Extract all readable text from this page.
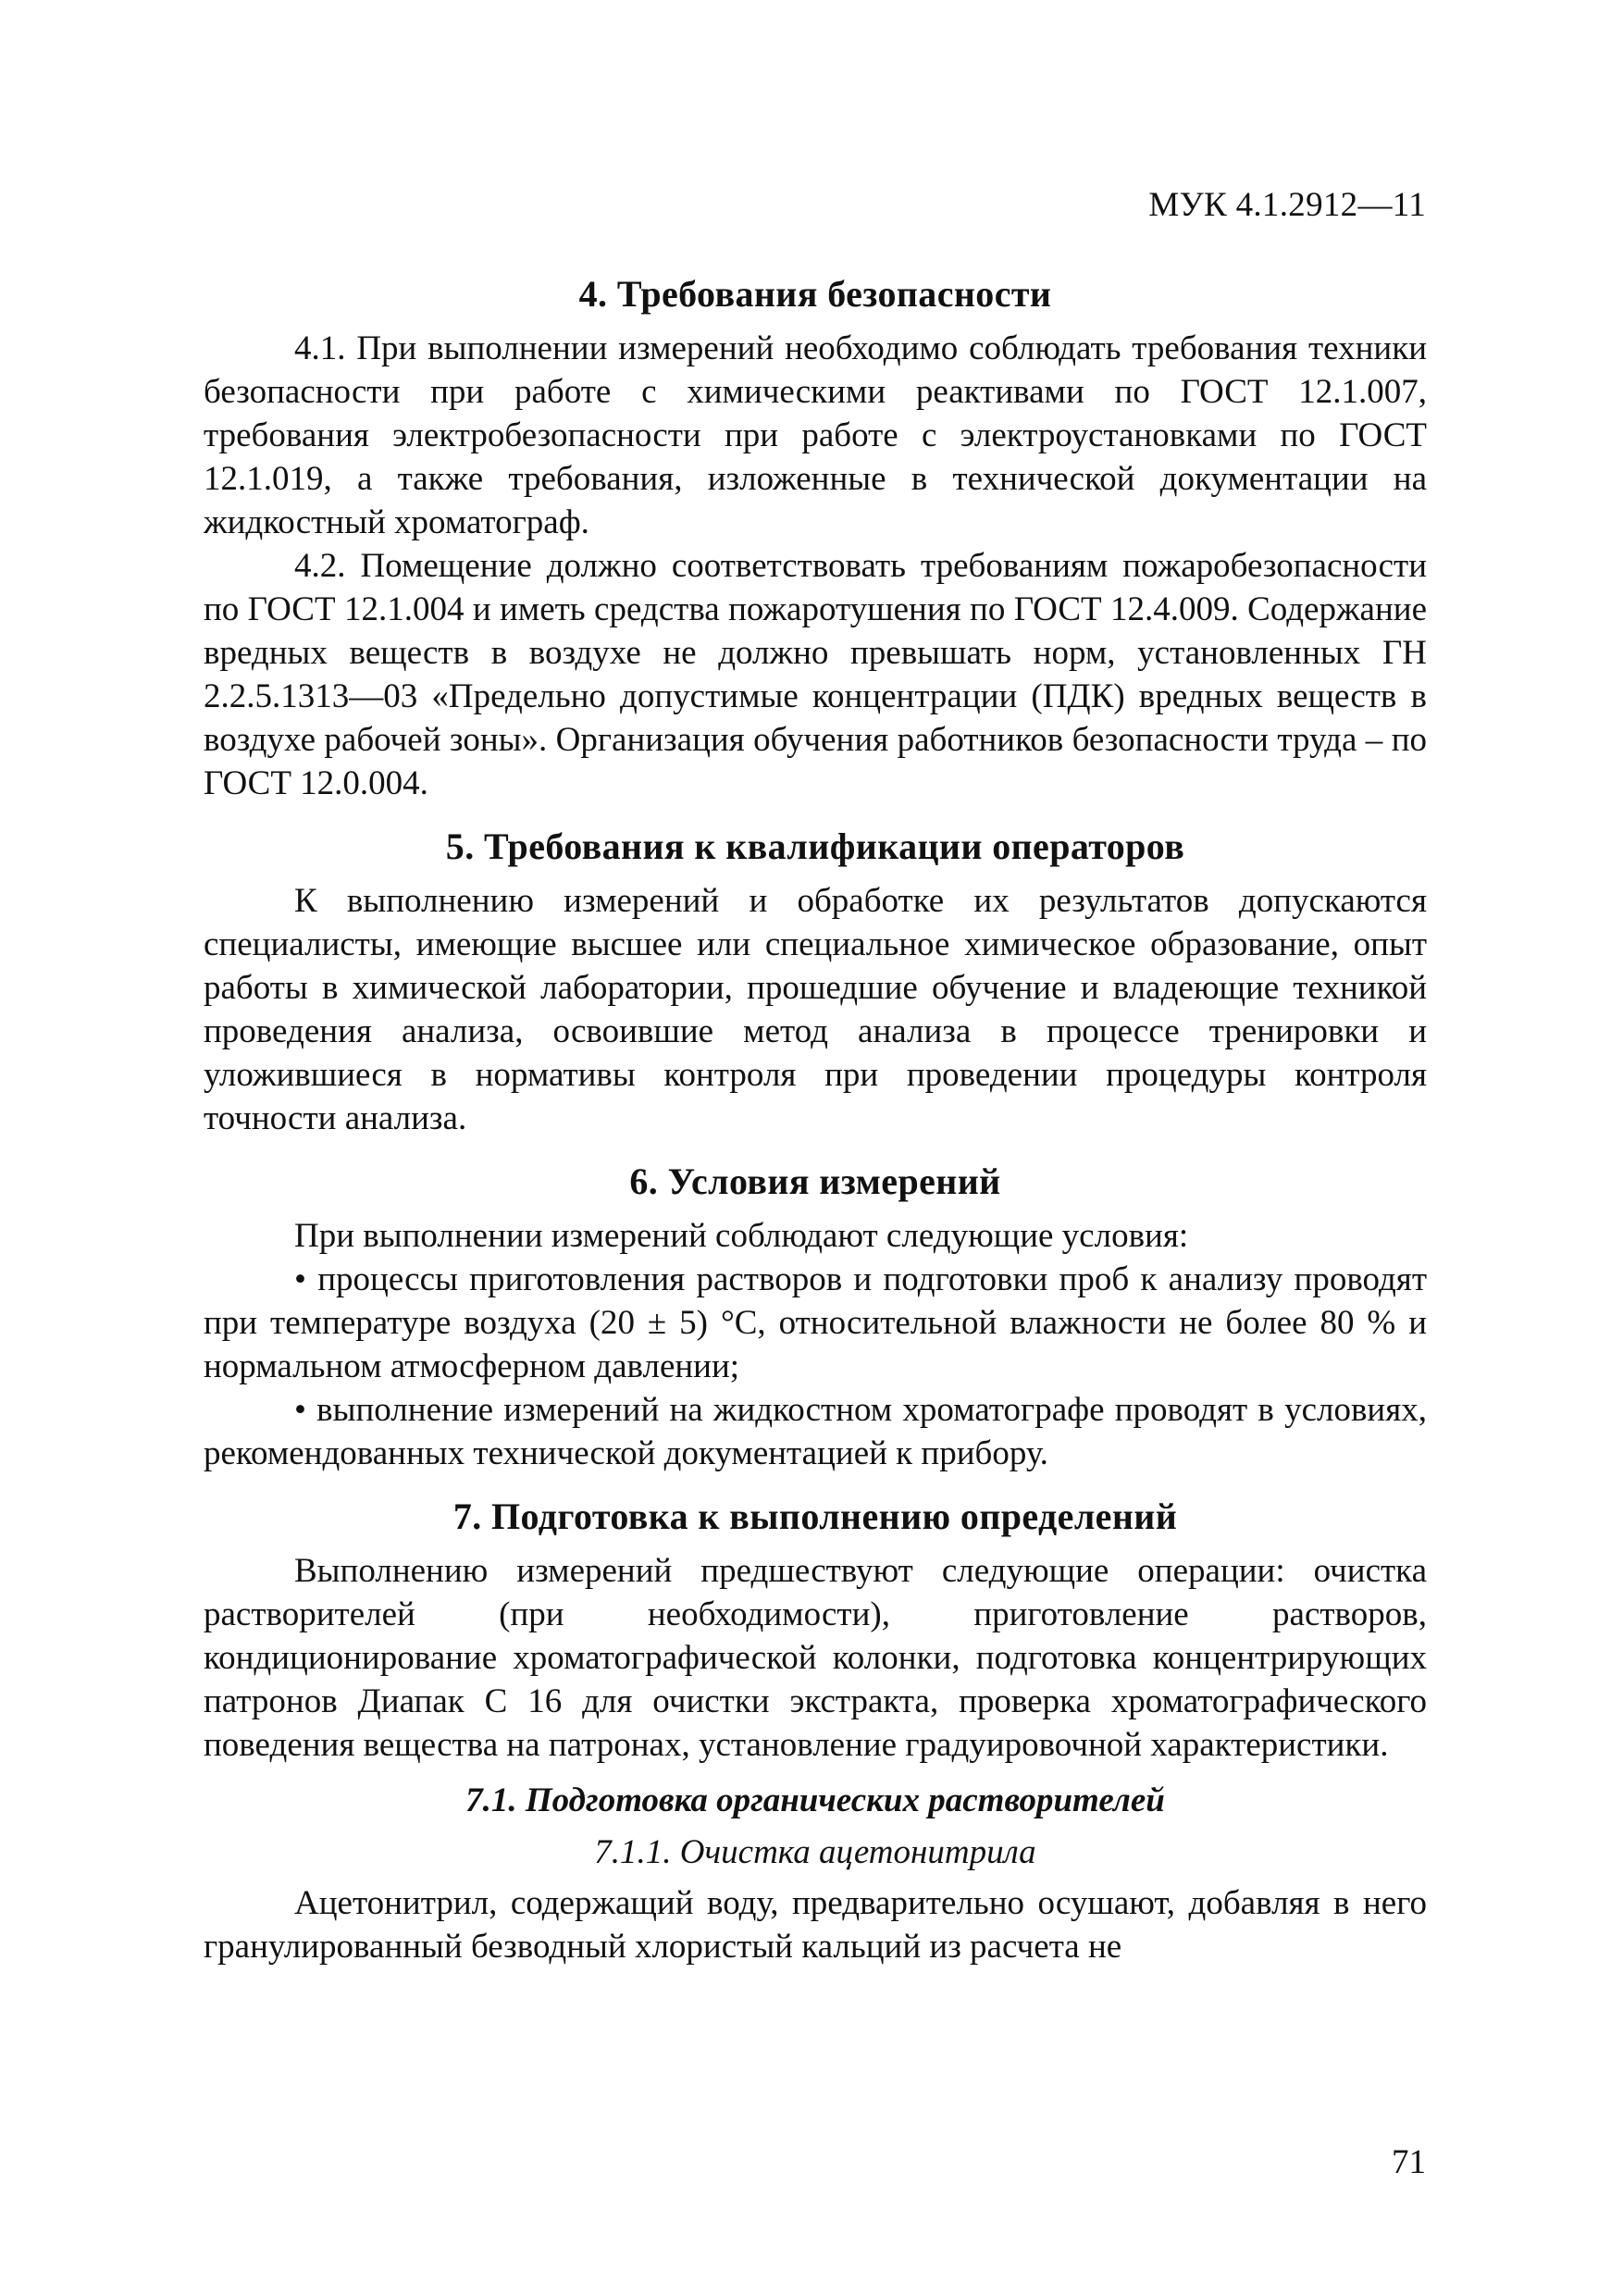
МУК 4.1.2912—11
4. Требования безопасности

4.1. При выполнении измерений необходимо соблюдать требования техники безопасности при работе с химическими реактивами по ГОСТ 12.1.007, требования электробезопасности при работе с электроустановками по ГОСТ 12.1.019, а также требования, изложенные в технической документации на жидкостный хроматограф.

4.2. Помещение должно соответствовать требованиям пожаробезопасности по ГОСТ 12.1.004 и иметь средства пожаротушения по ГОСТ 12.4.009. Содержание вредных веществ в воздухе не должно превышать норм, установленных ГН 2.2.5.1313—03 «Предельно допустимые концентрации (ПДК) вредных веществ в воздухе рабочей зоны». Организация обучения работников безопасности труда – по ГОСТ 12.0.004.

5. Требования к квалификации операторов

К выполнению измерений и обработке их результатов допускаются специалисты, имеющие высшее или специальное химическое образование, опыт работы в химической лаборатории, прошедшие обучение и владеющие техникой проведения анализа, освоившие метод анализа в процессе тренировки и уложившиеся в нормативы контроля при проведении процедуры контроля точности анализа.

6. Условия измерений

При выполнении измерений соблюдают следующие условия:

• процессы приготовления растворов и подготовки проб к анализу проводят при температуре воздуха (20 ± 5) °С, относительной влажности не более 80 % и нормальном атмосферном давлении;

• выполнение измерений на жидкостном хроматографе проводят в условиях, рекомендованных технической документацией к прибору.

7. Подготовка к выполнению определений

Выполнению измерений предшествуют следующие операции: очистка растворителей (при необходимости), приготовление растворов, кондиционирование хроматографической колонки, подготовка концентрирующих патронов Диапак С 16 для очистки экстракта, проверка хроматографического поведения вещества на патронах, установление градуировочной характеристики.

7.1. Подготовка органических растворителей
7.1.1. Очистка ацетонитрила

Ацетонитрил, содержащий воду, предварительно осушают, добавляя в него гранулированный безводный хлористый кальций из расчета не

71
